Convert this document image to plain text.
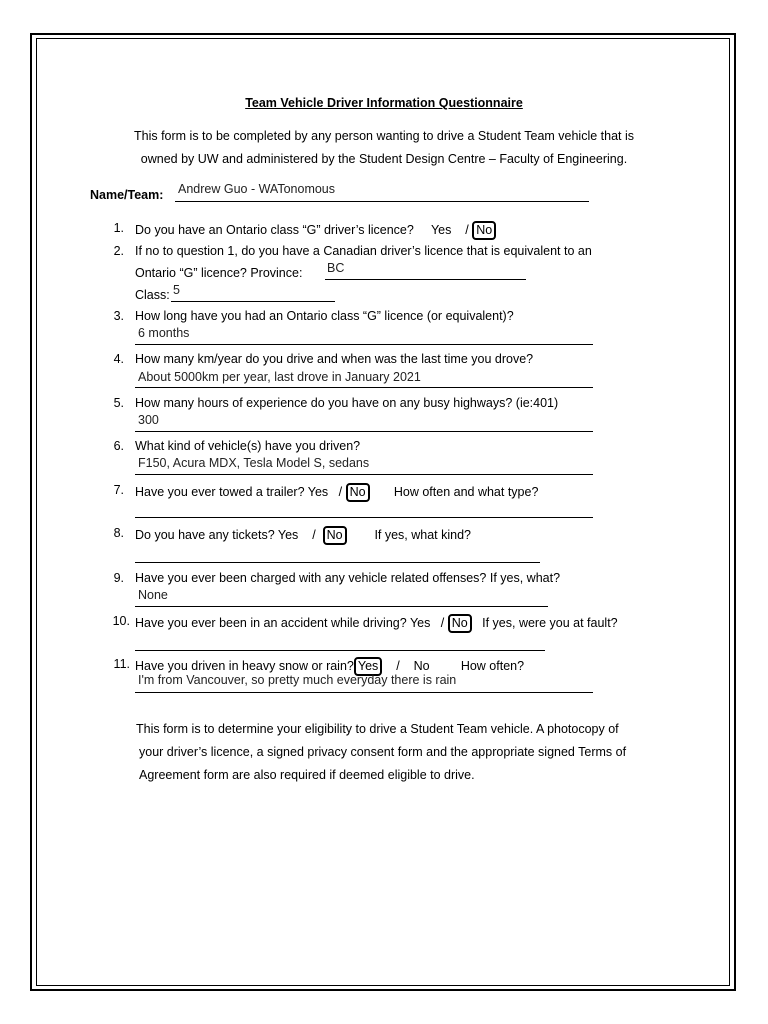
Team Vehicle Driver Information Questionnaire
This form is to be completed by any person wanting to drive a Student Team vehicle that is
owned by UW and administered by the Student Design Centre – Faculty of Engineering.
Name/Team: Andrew Guo - WATonomous
1. Do you have an Ontario class “G” driver’s licence? Yes / No
2. If no to question 1, do you have a Canadian driver’s licence that is equivalent to an
Ontario “G” licence? Province: BC
Class: 5
3. How long have you had an Ontario class “G” licence (or equivalent)?
6 months
4. How many km/year do you drive and when was the last time you drove?
About 5000km per year, last drove in January 2021
5. How many hours of experience do you have on any busy highways? (ie:401)
300
6. What kind of vehicle(s) have you driven?
F150, Acura MDX, Tesla Model S, sedans
7. Have you ever towed a trailer? Yes / No How often and what type?
8. Do you have any tickets? Yes / No	If yes, what kind?
9. Have you ever been charged with any vehicle related offenses? If yes, what?
None
10. Have you ever been in an accident while driving? Yes / No If yes, were you at fault?
11. Have you driven in heavy snow or rain? Yes / No	How often?
I'm from Vancouver, so pretty much everyday there is rain
This form is to determine your eligibility to drive a Student Team vehicle. A photocopy of
your driver’s licence, a signed privacy consent form and the appropriate signed Terms of
Agreement form are also required if deemed eligible to drive.
